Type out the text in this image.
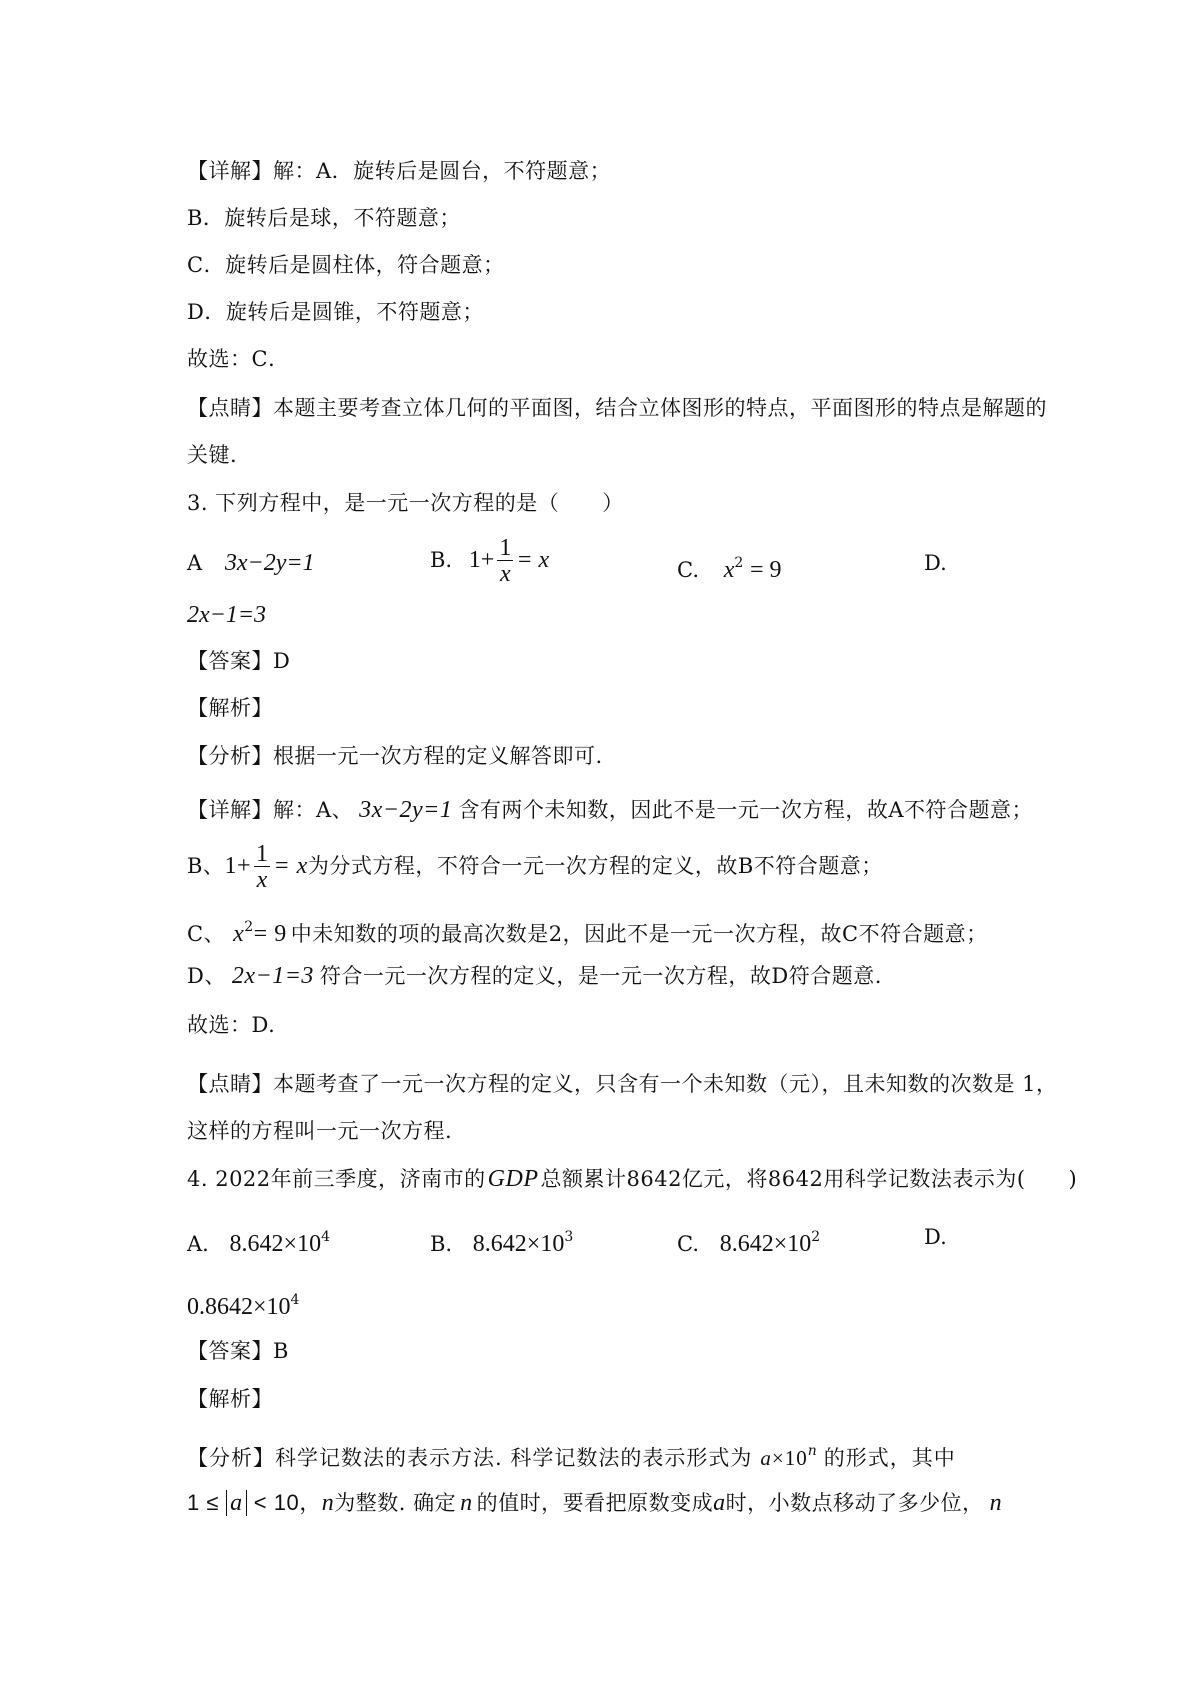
【详解】解：A．旋转后是圆台，不符题意；
B．旋转后是球，不符题意；
C．旋转后是圆柱体，符合题意；
D．旋转后是圆锥，不符题意；
故选：C．
【点睛】本题主要考查立体几何的平面图，结合立体图形的特点，平面图形的特点是解题的
关键.
3. 下列方程中，是一元一次方程的是（　　）
A 3x−2y=1	B. $1+ \frac{1}{x} = x$	C. $x^2 = 9$	D.
2x−1=3
【答案】D
【解析】
【分析】根据一元一次方程的定义解答即可.
【详解】解：A、 3x−2y=1 含有两个未知数，因此不是一元一次方程，故A不符合题意；
B、$1+ \frac{1}{x} = x$为分式方程，不符合一元一次方程的定义，故B不符合题意；
C、 $x^2= 9$ 中未知数的项的最高次数是2，因此不是一元一次方程，故C不符合题意；
D、 2x−1=3 符合一元一次方程的定义，是一元一次方程，故D符合题意.
故选：D.
【点睛】本题考查了一元一次方程的定义，只含有一个未知数（元），且未知数的次数是 1，
这样的方程叫一元一次方程.
4. 2022年前三季度，济南市的GDP总额累计8642亿元，将8642用科学记数法表示为(　　)
A. $8.642\times 10^4$	B. $8.642\times 10^3$	C. $8.642\times 10^2$	D.
$0.8642\times 10^4$
【答案】B
【解析】
【分析】科学记数法的表示方法. 科学记数法的表示形式为 $a\times 10^n$ 的形式，其中
1 ≤ a < 10，n为整数. 确定 n 的值时，要看把原数变成a时，小数点移动了多少位， n
